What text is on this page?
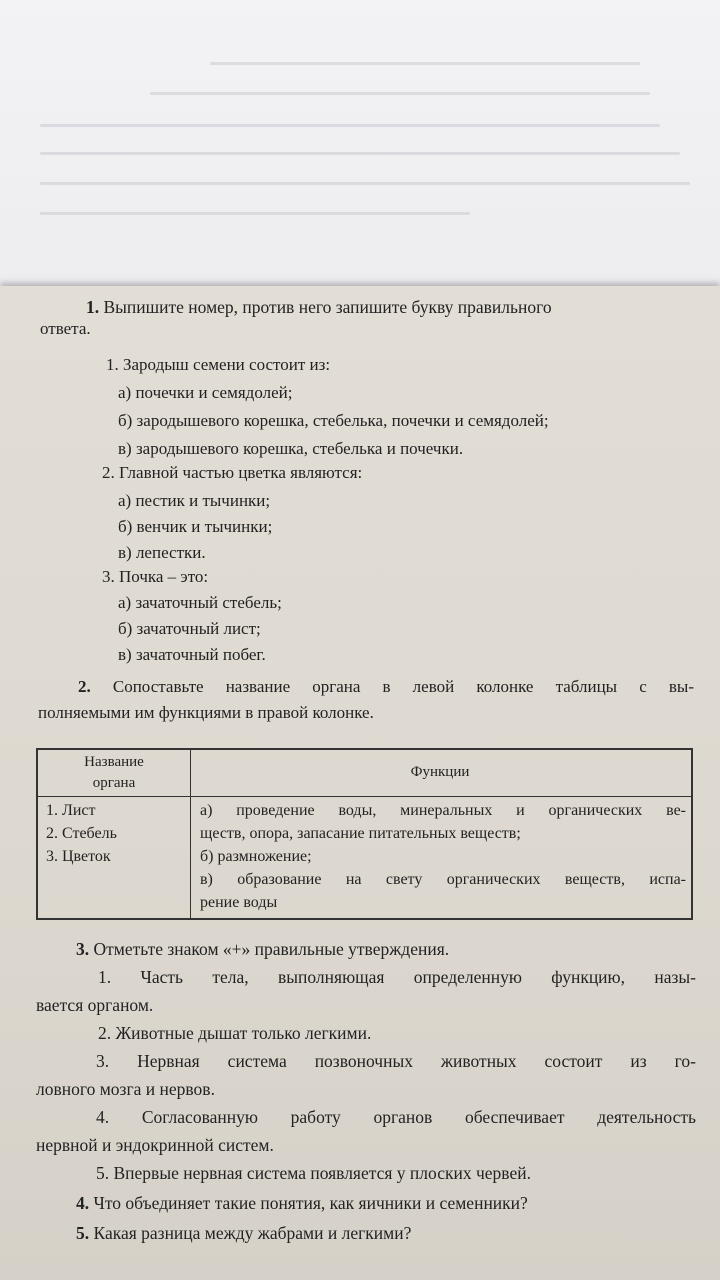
1. Выпишите номер, против него запишите букву правильного
ответа.
1. Зародыш семени состоит из:
а) почечки и семядолей;
б) зародышевого корешка, стебелька, почечки и семядолей;
в) зародышевого корешка, стебелька и почечки.
2. Главной частью цветка являются:
а) пестик и тычинки;
б) венчик и тычинки;
в) лепестки.
3. Почка – это:
а) зачаточный стебель;
б) зачаточный лист;
в) зачаточный побег.
2. Сопоставьте название органа в левой колонке таблицы с вы-
полняемыми им функциями в правой колонке.
Название
органа
Функции
1. Лист
2. Стебель
3. Цветок
а) проведение воды, минеральных и органических ве-
ществ, опора, запасание питательных веществ;
б) размножение;
в) образование на свету органических веществ, испа-
рение воды
3. Отметьте знаком «+» правильные утверждения.
1. Часть тела, выполняющая определенную функцию, назы-
вается органом.
2. Животные дышат только легкими.
3. Нервная система позвоночных животных состоит из го-
ловного мозга и нервов.
4. Согласованную работу органов обеспечивает деятельность
нервной и эндокринной систем.
5. Впервые нервная система появляется у плоских червей.
4. Что объединяет такие понятия, как яичники и семенники?
5. Какая разница между жабрами и легкими?
